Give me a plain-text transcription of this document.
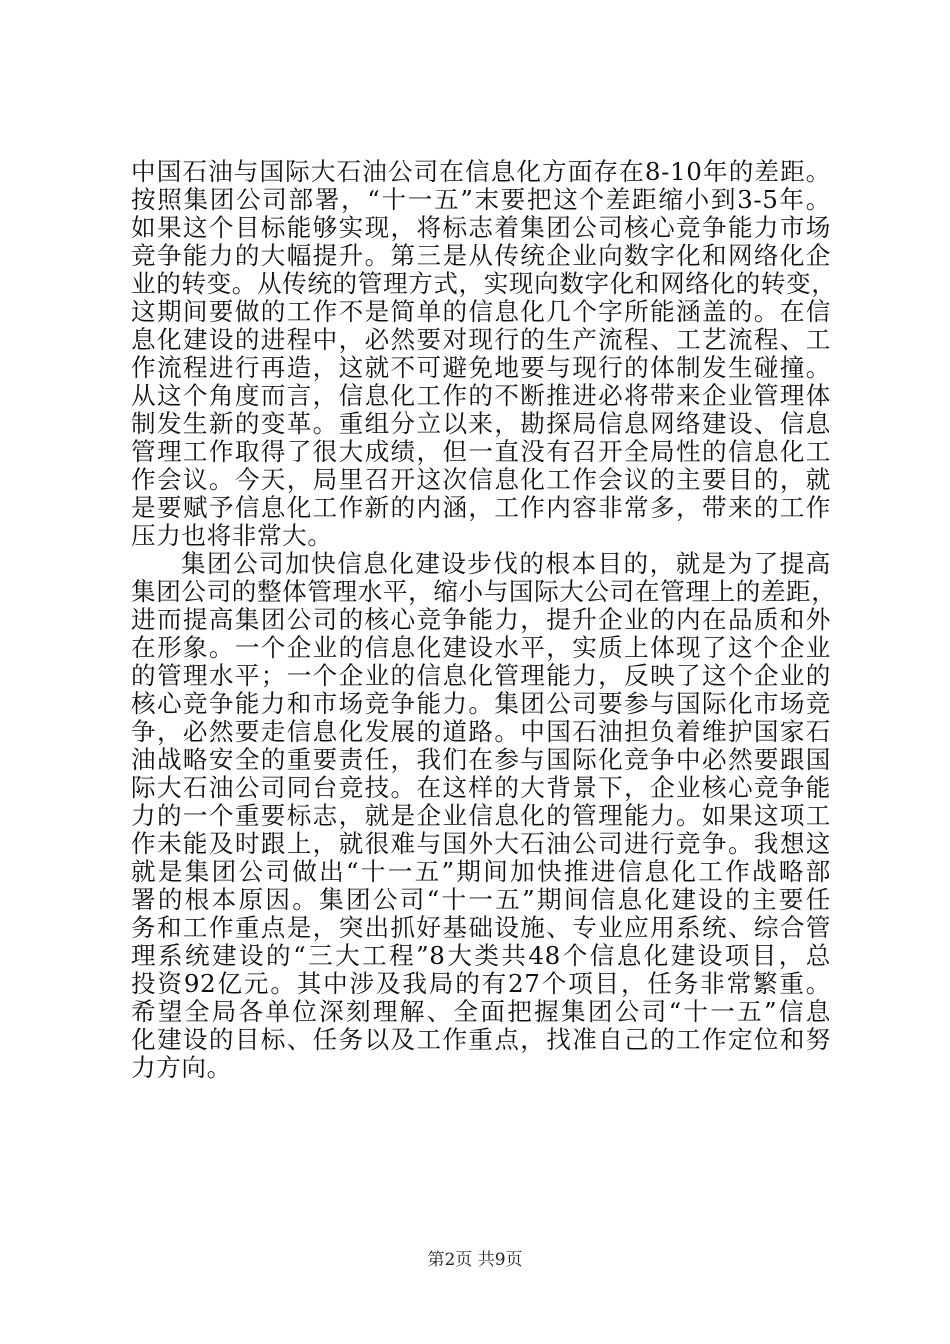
中国石油与国际大石油公司在信息化方面存在8-10年的差距。
按照集团公司部署，“十一五”末要把这个差距缩小到3-5年。
如果这个目标能够实现，将标志着集团公司核心竞争能力市场
竞争能力的大幅提升。第三是从传统企业向数字化和网络化企
业的转变。从传统的管理方式，实现向数字化和网络化的转变，
这期间要做的工作不是简单的信息化几个字所能涵盖的。在信
息化建设的进程中，必然要对现行的生产流程、工艺流程、工
作流程进行再造，这就不可避免地要与现行的体制发生碰撞。
从这个角度而言，信息化工作的不断推进必将带来企业管理体
制发生新的变革。重组分立以来，勘探局信息网络建设、信息
管理工作取得了很大成绩，但一直没有召开全局性的信息化工
作会议。今天，局里召开这次信息化工作会议的主要目的，就
是要赋予信息化工作新的内涵，工作内容非常多，带来的工作
压力也将非常大。
集团公司加快信息化建设步伐的根本目的，就是为了提高
集团公司的整体管理水平，缩小与国际大公司在管理上的差距，
进而提高集团公司的核心竞争能力，提升企业的内在品质和外
在形象。一个企业的信息化建设水平，实质上体现了这个企业
的管理水平；一个企业的信息化管理能力，反映了这个企业的
核心竞争能力和市场竞争能力。集团公司要参与国际化市场竞
争，必然要走信息化发展的道路。中国石油担负着维护国家石
油战略安全的重要责任，我们在参与国际化竞争中必然要跟国
际大石油公司同台竞技。在这样的大背景下，企业核心竞争能
力的一个重要标志，就是企业信息化的管理能力。如果这项工
作未能及时跟上，就很难与国外大石油公司进行竞争。我想这
就是集团公司做出“十一五”期间加快推进信息化工作战略部
署的根本原因。集团公司“十一五”期间信息化建设的主要任
务和工作重点是，突出抓好基础设施、专业应用系统、综合管
理系统建设的“三大工程”8大类共48个信息化建设项目，总
投资92亿元。其中涉及我局的有27个项目，任务非常繁重。
希望全局各单位深刻理解、全面把握集团公司“十一五”信息
化建设的目标、任务以及工作重点，找准自己的工作定位和努
力方向。
第2页 共9页
